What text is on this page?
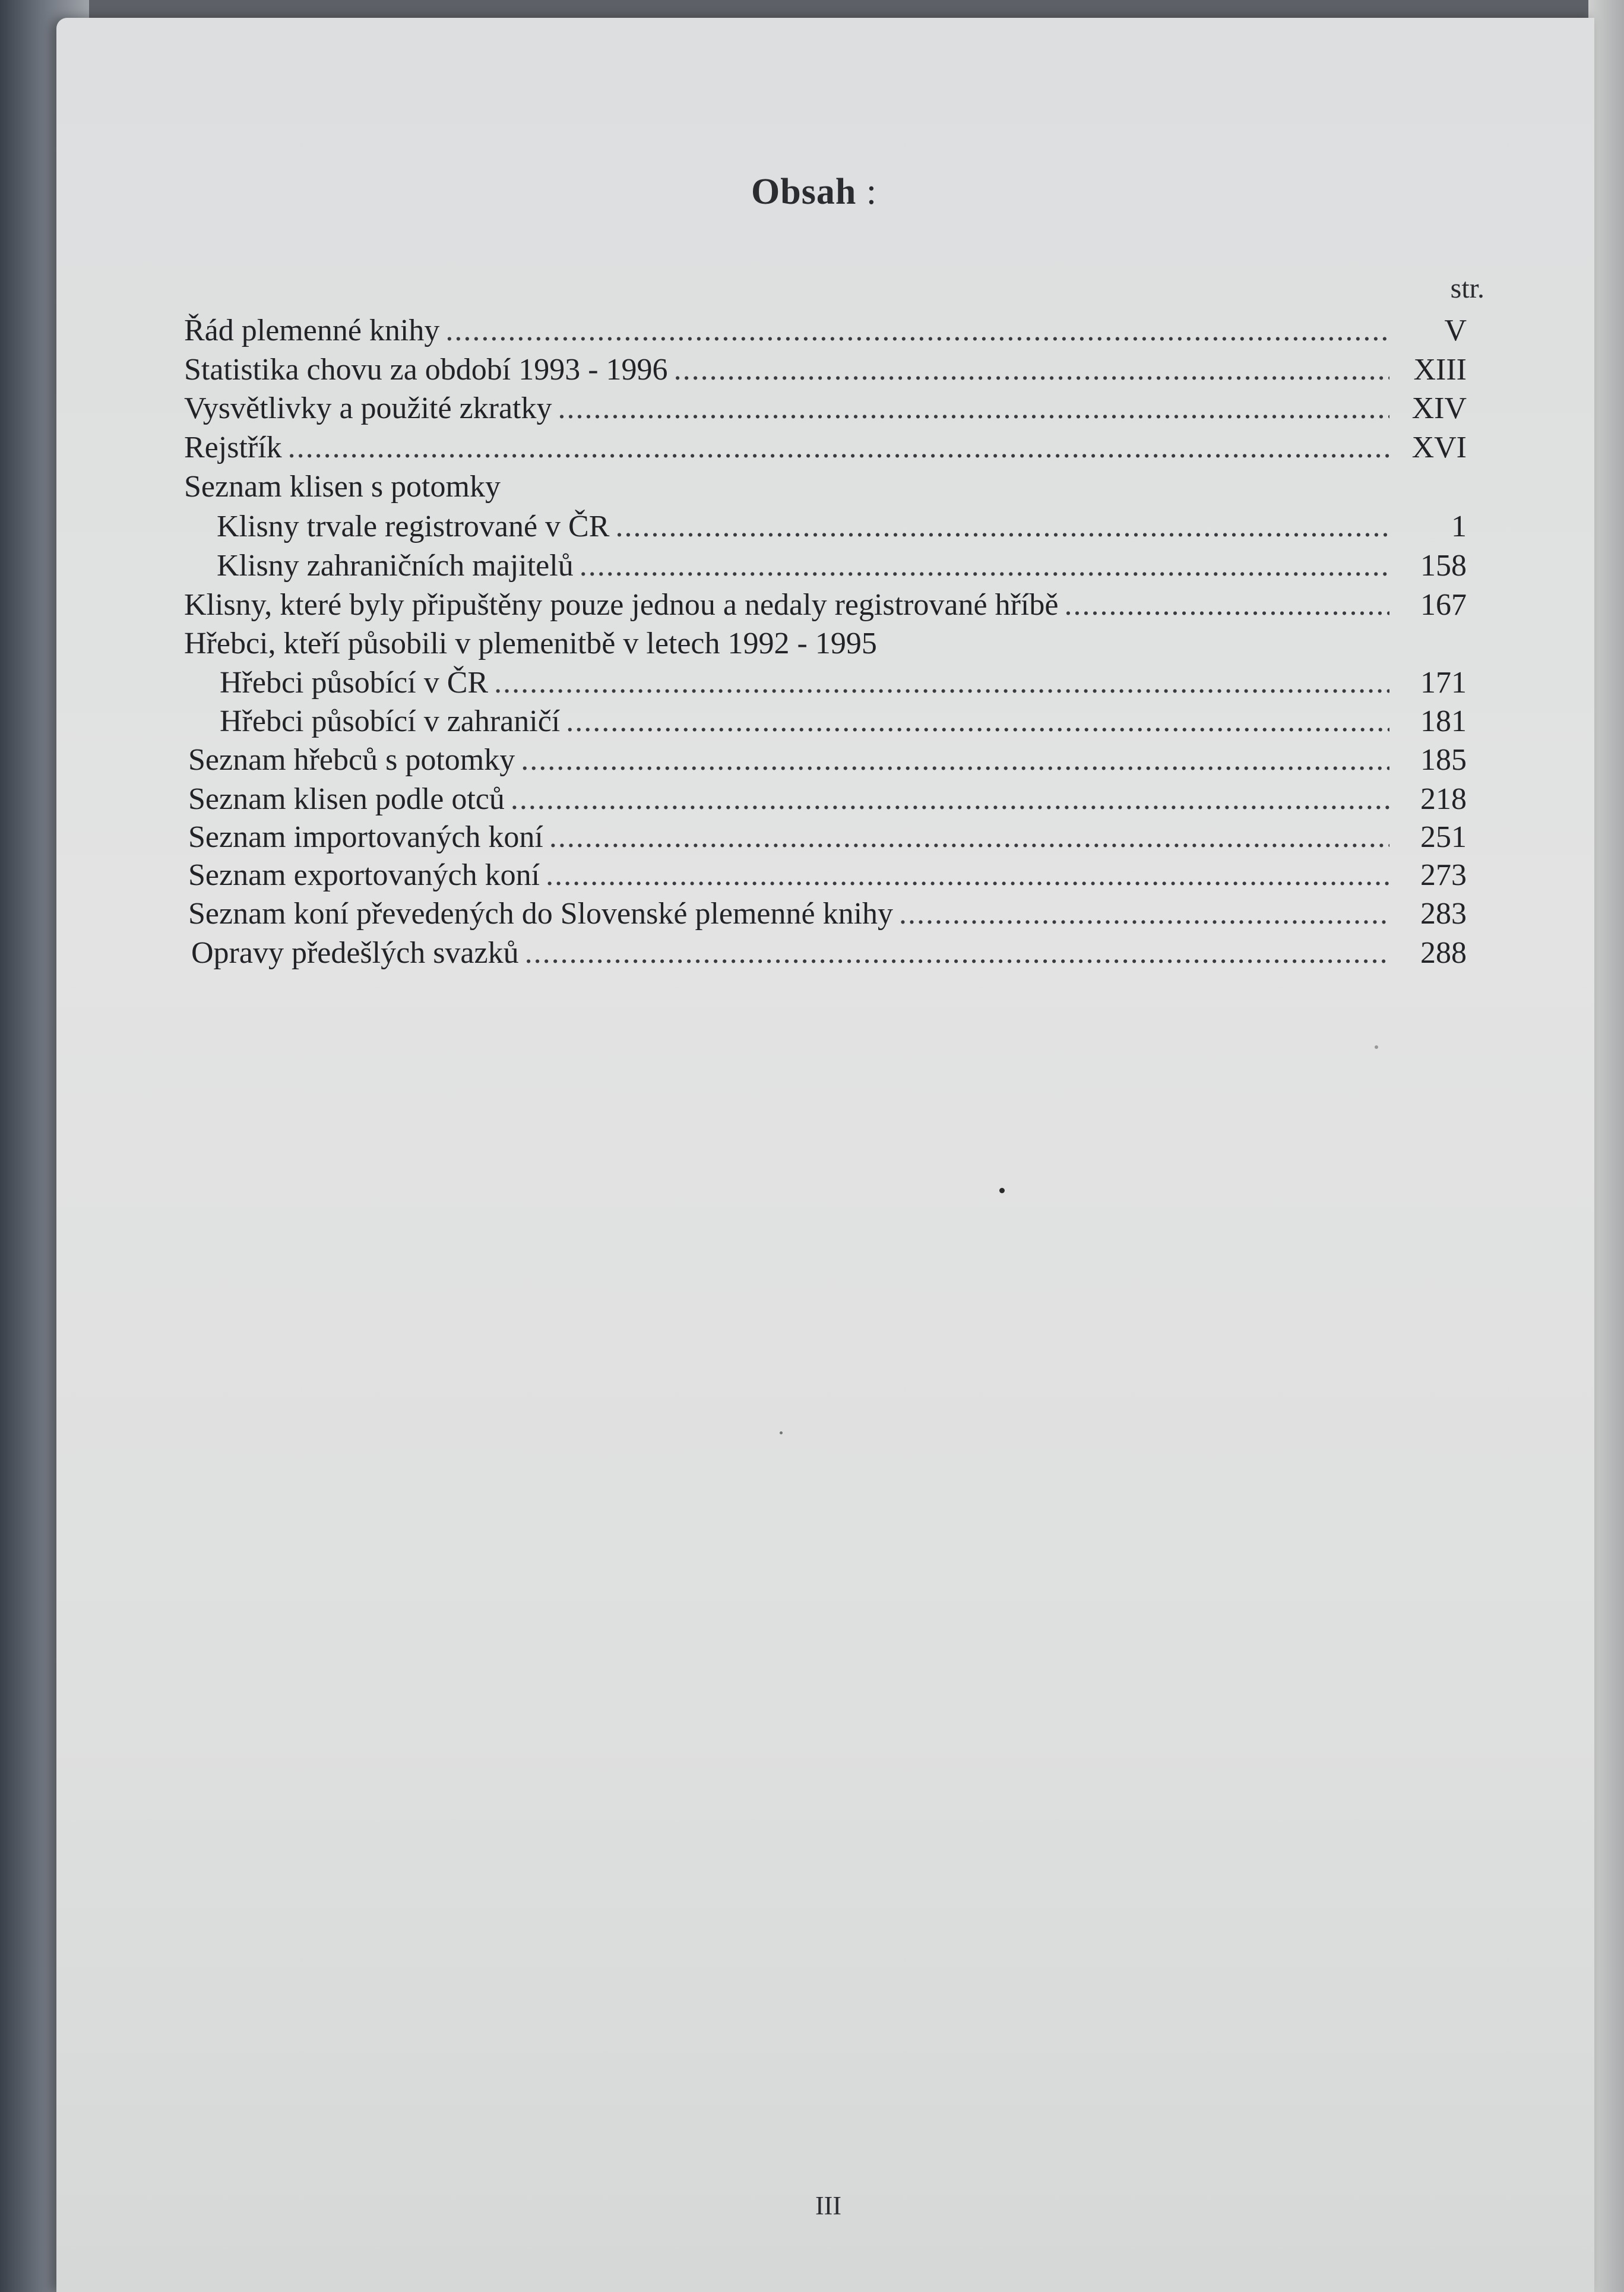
Obsah :
str.
Řád plemenné knihy .....	V
Statistika chovu za období 1993 - 1996 .....	XIII
Vysvětlivky a použité zkratky .....	XIV
Rejstřík .....	XVI
Seznam klisen s potomky
Klisny trvale registrované v ČR .....	1
Klisny zahraničních majitelů .....	158
Klisny, které byly připuštěny pouze jednou a nedaly registrované hříbě .....	167
Hřebci, kteří působili v plemenitbě v letech 1992 - 1995
Hřebci působící v ČR .....	171
Hřebci působící v zahraničí .....	181
Seznam hřebců s potomky .....	185
Seznam klisen podle otců .....	218
Seznam importovaných koní .....	251
Seznam exportovaných koní .....	273
Seznam koní převedených do Slovenské plemenné knihy .....	283
Opravy předešlých svazků .....	288
III
